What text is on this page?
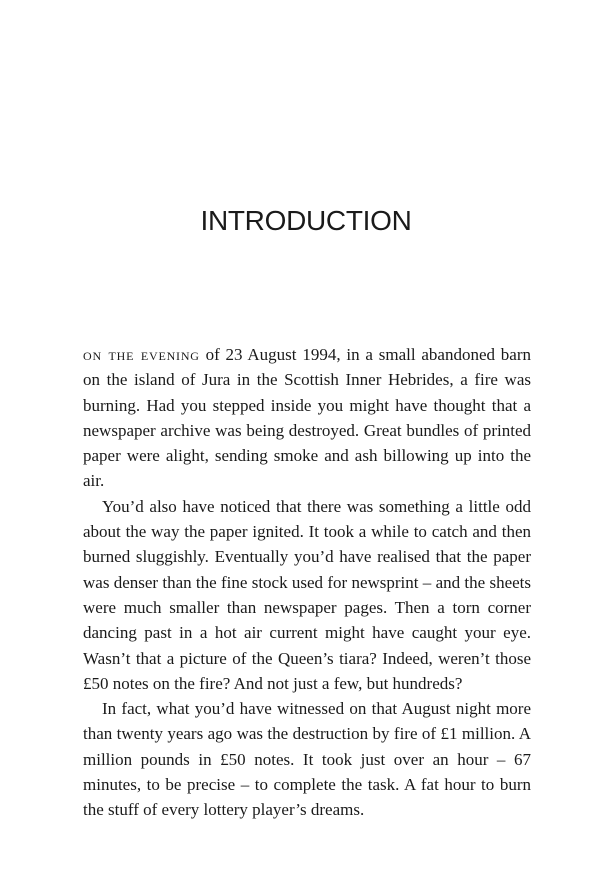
INTRODUCTION

on the evening of 23 August 1994, in a small abandoned barn on the island of Jura in the Scottish Inner Hebrides, a fire was burning. Had you stepped inside you might have thought that a newspaper archive was being destroyed. Great bundles of printed paper were alight, sending smoke and ash billowing up into the air.

You’d also have noticed that there was something a little odd about the way the paper ignited. It took a while to catch and then burned sluggishly. Eventually you’d have realised that the paper was denser than the fine stock used for newsprint – and the sheets were much smaller than newspaper pages. Then a torn corner dancing past in a hot air current might have caught your eye. Wasn’t that a picture of the Queen’s tiara? Indeed, weren’t those £50 notes on the fire? And not just a few, but hundreds?

In fact, what you’d have witnessed on that August night more than twenty years ago was the destruction by fire of £1 million. A million pounds in £50 notes. It took just over an hour – 67 minutes, to be precise – to complete the task. A fat hour to burn the stuff of every lottery player’s dreams.
